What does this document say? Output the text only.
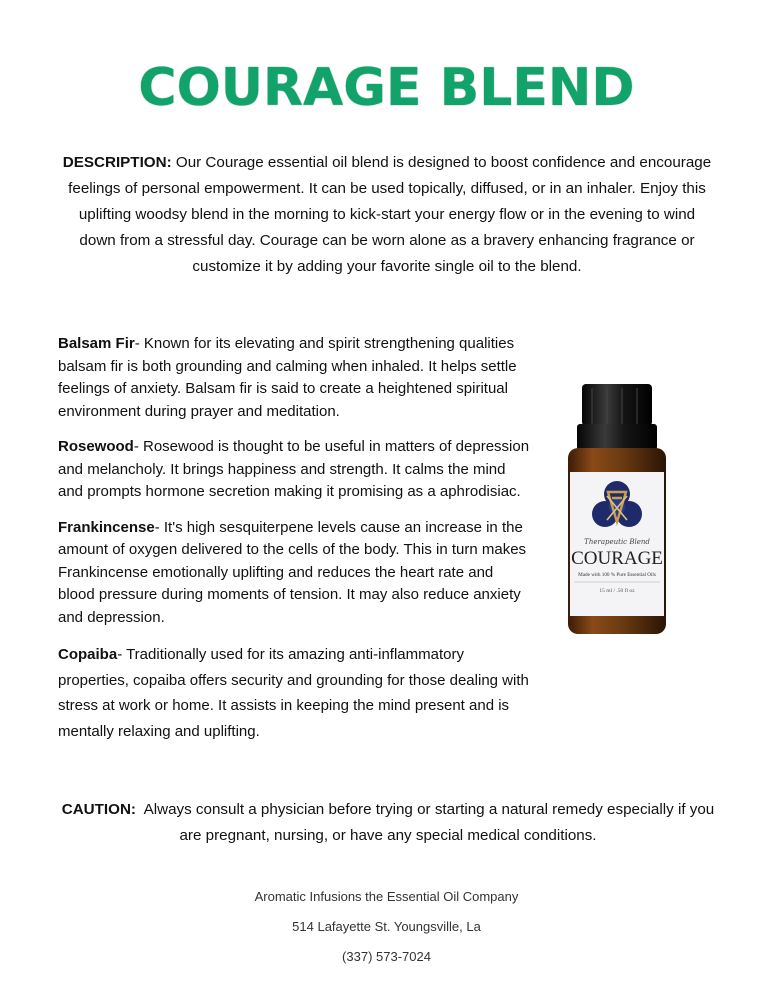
COURAGE BLEND

DESCRIPTION: Our Courage essential oil blend is designed to boost confidence and encourage feelings of personal empowerment. It can be used topically, diffused, or in an inhaler. Enjoy this uplifting woodsy blend in the morning to kick-start your energy flow or in the evening to wind down from a stressful day. Courage can be worn alone as a bravery enhancing fragrance or customize it by adding your favorite single oil to the blend.

Balsam Fir- Known for its elevating and spirit strengthening qualities balsam fir is both grounding and calming when inhaled. It helps settle feelings of anxiety. Balsam fir is said to create a heightened spiritual environment during prayer and meditation.

Rosewood- Rosewood is thought to be useful in matters of depression and melancholy. It brings happiness and strength. It calms the mind and prompts hormone secretion making it promising as a aphrodisiac.

Frankincense- It's high sesquiterpene levels cause an increase in the amount of oxygen delivered to the cells of the body. This in turn makes Frankincense emotionally uplifting and reduces the heart rate and blood pressure during moments of tension. It may also reduce anxiety and depression.

Copaiba- Traditionally used for its amazing anti-inflammatory properties, copaiba offers security and grounding for those dealing with stress at work or home. It assists in keeping the mind present and is mentally relaxing and uplifting.

Therapeutic Blend
COURAGE
Made with 100 % Pure Essential Oils
15 ml / .50 fl oz

CAUTION: Always consult a physician before trying or starting a natural remedy especially if you are pregnant, nursing, or have any special medical conditions.

Aromatic Infusions the Essential Oil Company

514 Lafayette St. Youngsville, La

(337) 573-7024
